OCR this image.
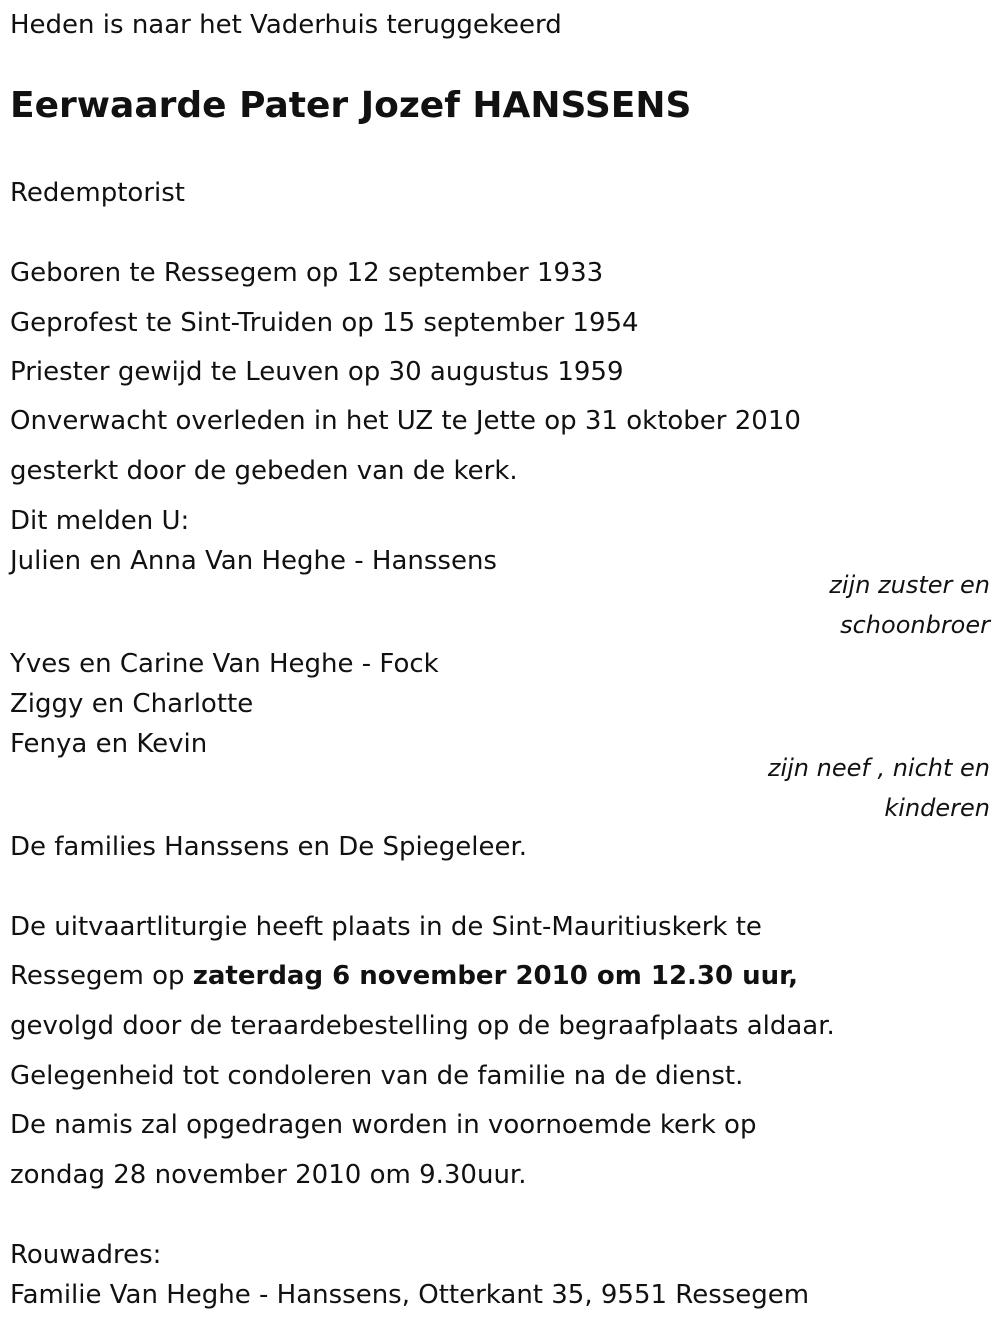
Heden is naar het Vaderhuis teruggekeerd
Eerwaarde Pater Jozef HANSSENS
Redemptorist
Geboren te Ressegem op 12 september 1933
Geprofest te Sint-Truiden op 15 september 1954
Priester gewijd te Leuven op 30 augustus 1959
Onverwacht overleden in het UZ te Jette op 31 oktober 2010
gesterkt door de gebeden van de kerk.
Dit melden U:
Julien en Anna Van Heghe - Hanssens
zijn zuster en
schoonbroer
Yves en Carine Van Heghe - Fock
Ziggy en Charlotte
Fenya en Kevin
zijn neef , nicht en
kinderen
De families Hanssens en De Spiegeleer.
De uitvaartliturgie heeft plaats in de Sint-Mauritiuskerk te
Ressegem op zaterdag 6 november 2010 om 12.30 uur,
gevolgd door de teraardebestelling op de begraafplaats aldaar.
Gelegenheid tot condoleren van de familie na de dienst.
De namis zal opgedragen worden in voornoemde kerk op
zondag 28 november 2010 om 9.30uur.
Rouwadres:
Familie Van Heghe - Hanssens, Otterkant 35, 9551 Ressegem
